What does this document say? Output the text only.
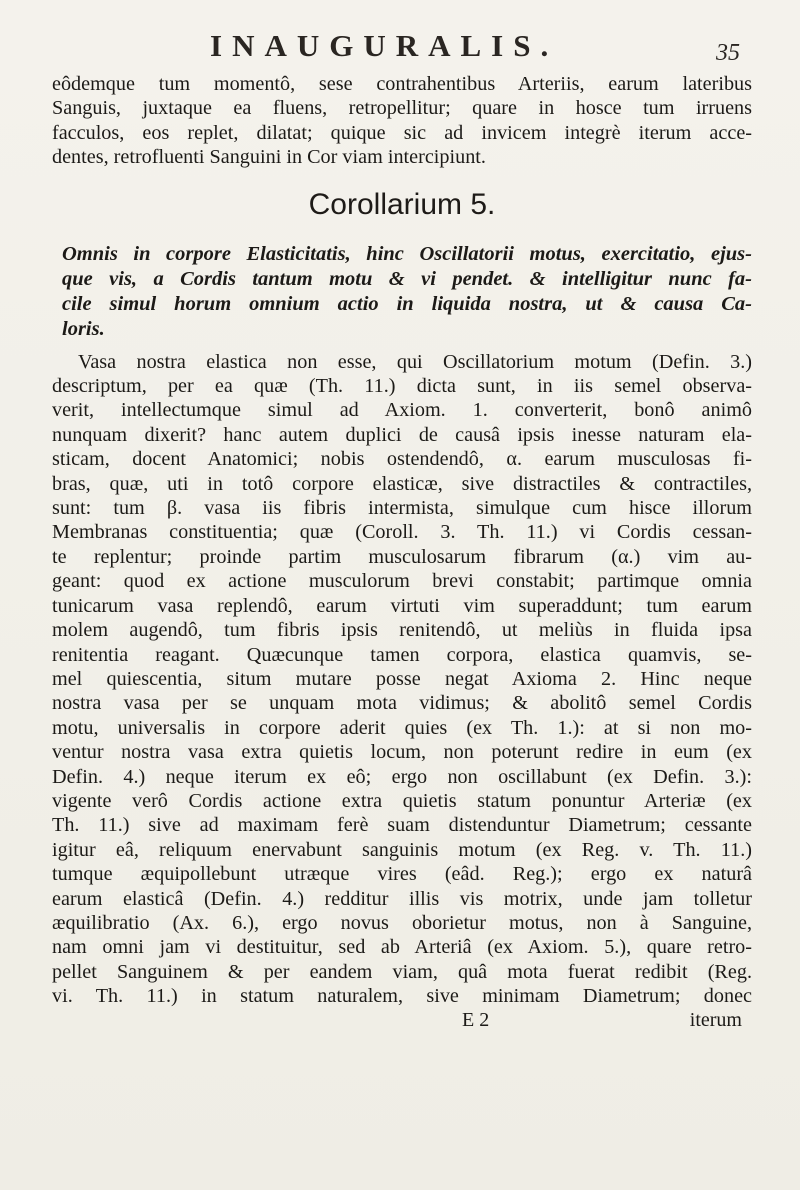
INAUGURALIS.	35

eôdemque tum momentô, sese contrahentibus Arteriis, earum lateribus
Sanguis, juxtaque ea fluens, retropellitur; quare in hosce tum irruens
facculos, eos replet, dilatat; quique sic ad invicem integrè iterum acce-
dentes, retrofluenti Sanguini in Cor viam intercipiunt.

Corollarium 5.

Omnis in corpore Elasticitatis, hinc Oscillatorii motus, exercitatio, ejus-
que vis, a Cordis tantum motu & vi pendet. & intelligitur nunc fa-
cile simul horum omnium actio in liquida nostra, ut & causa Ca-
loris.

Vasa nostra elastica non esse, qui Oscillatorium motum (Defin. 3.)
descriptum, per ea quæ (Th. 11.) dicta sunt, in iis semel observa-
verit, intellectumque simul ad Axiom. 1. converterit, bonô animô
nunquam dixerit? hanc autem duplici de causâ ipsis inesse naturam ela-
sticam, docent Anatomici; nobis ostendendô, α. earum musculosas fi-
bras, quæ, uti in totô corpore elasticæ, sive distractiles & contractiles,
sunt: tum β. vasa iis fibris intermista, simulque cum hisce illorum
Membranas constituentia; quæ (Coroll. 3. Th. 11.) vi Cordis cessan-
te replentur; proinde partim musculosarum fibrarum (α.) vim au-
geant: quod ex actione musculorum brevi constabit; partimque omnia
tunicarum vasa replendô, earum virtuti vim superaddunt; tum earum
molem augendô, tum fibris ipsis renitendô, ut meliùs in fluida ipsa
renitentia reagant. Quæcunque tamen corpora, elastica quamvis, se-
mel quiescentia, situm mutare posse negat Axioma 2. Hinc neque
nostra vasa per se unquam mota vidimus; & abolitô semel Cordis
motu, universalis in corpore aderit quies (ex Th. 1.): at si non mo-
ventur nostra vasa extra quietis locum, non poterunt redire in eum (ex
Defin. 4.) neque iterum ex eô; ergo non oscillabunt (ex Defin. 3.):
vigente verô Cordis actione extra quietis statum ponuntur Arteriæ (ex
Th. 11.) sive ad maximam ferè suam distenduntur Diametrum; cessante
igitur eâ, reliquum enervabunt sanguinis motum (ex Reg. v. Th. 11.)
tumque æquipollebunt utræque vires (eâd. Reg.); ergo ex naturâ
earum elasticâ (Defin. 4.) redditur illis vis motrix, unde jam tolletur
æquilibratio (Ax. 6.), ergo novus oborietur motus, non à Sanguine,
nam omni jam vi destituitur, sed ab Arteriâ (ex Axiom. 5.), quare retro-
pellet Sanguinem & per eandem viam, quâ mota fuerat redibit (Reg.
vi. Th. 11.) in statum naturalem, sive minimam Diametrum; donec

E 2	iterum
